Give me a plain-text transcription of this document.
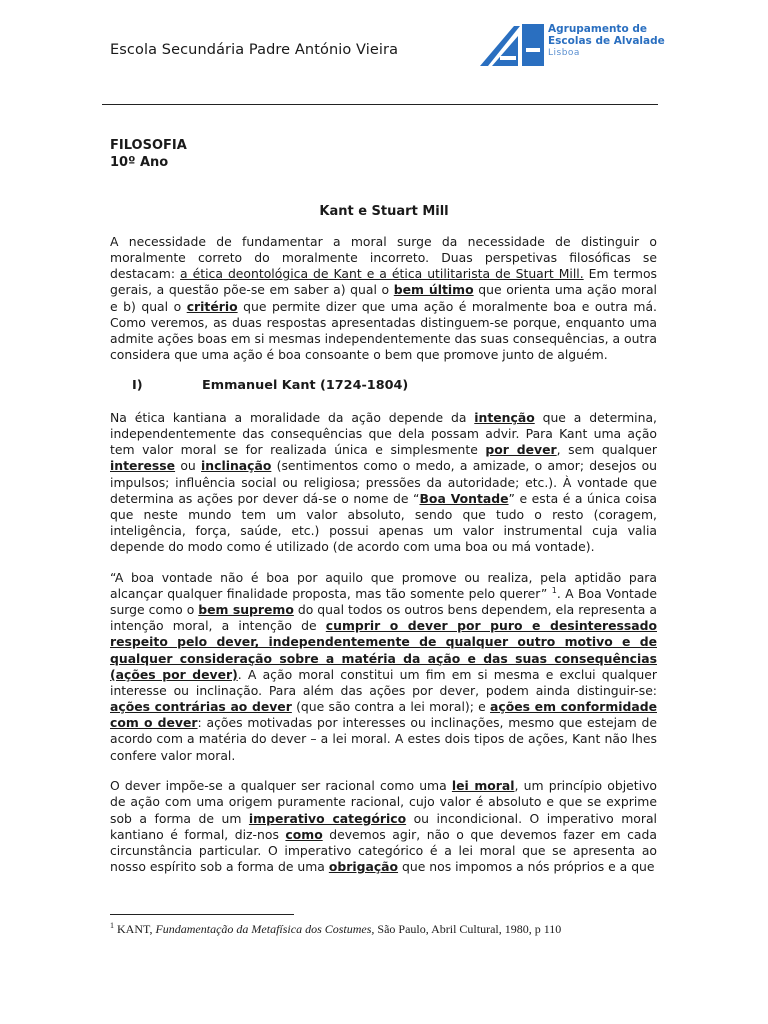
Escola Secundária Padre António Vieira
Agrupamento de
Escolas de Alvalade
Lisboa
FILOSOFIA
10º Ano
Kant e Stuart Mill

A necessidade de fundamentar a moral surge da necessidade de distinguir o moralmente correto do moralmente incorreto. Duas perspetivas filosóficas se destacam: a ética deontológica de Kant e a ética utilitarista de Stuart Mill. Em termos gerais, a questão põe-se em saber a) qual o bem último que orienta uma ação moral e b) qual o critério que permite dizer que uma ação é moralmente boa e outra má. Como veremos, as duas respostas apresentadas distinguem-se porque, enquanto uma admite ações boas em si mesmas independentemente das suas consequências, a outra considera que uma ação é boa consoante o bem que promove junto de alguém.

I)	Emmanuel Kant (1724-1804)

Na ética kantiana a moralidade da ação depende da intenção que a determina, independentemente das consequências que dela possam advir. Para Kant uma ação tem valor moral se for realizada única e simplesmente por dever, sem qualquer interesse ou inclinação (sentimentos como o medo, a amizade, o amor; desejos ou impulsos; influência social ou religiosa; pressões da autoridade; etc.). À vontade que determina as ações por dever dá-se o nome de “Boa Vontade” e esta é a única coisa que neste mundo tem um valor absoluto, sendo que tudo o resto (coragem, inteligência, força, saúde, etc.) possui apenas um valor instrumental cuja valia depende do modo como é utilizado (de acordo com uma boa ou má vontade).

“A boa vontade não é boa por aquilo que promove ou realiza, pela aptidão para alcançar qualquer finalidade proposta, mas tão somente pelo querer” $^1$. A Boa Vontade surge como o bem supremo do qual todos os outros bens dependem, ela representa a intenção moral, a intenção de cumprir o dever por puro e desinteressado respeito pelo dever, independentemente de qualquer outro motivo e de qualquer consideração sobre a matéria da ação e das suas consequências (ações por dever). A ação moral constitui um fim em si mesma e exclui qualquer interesse ou inclinação. Para além das ações por dever, podem ainda distinguir-se: ações contrárias ao dever (que são contra a lei moral); e ações em conformidade com o dever: ações motivadas por interesses ou inclinações, mesmo que estejam de acordo com a matéria do dever – a lei moral. A estes dois tipos de ações, Kant não lhes confere valor moral.

O dever impõe-se a qualquer ser racional como uma lei moral, um princípio objetivo de ação com uma origem puramente racional, cujo valor é absoluto e que se exprime sob a forma de um imperativo categórico ou incondicional. O imperativo moral kantiano é formal, diz-nos como devemos agir, não o que devemos fazer em cada circunstância particular. O imperativo categórico é a lei moral que se apresenta ao nosso espírito sob a forma de uma obrigação que nos impomos a nós próprios e a que

$^1$ KANT, Fundamentação da Metafísica dos Costumes, São Paulo, Abril Cultural, 1980, p 110
